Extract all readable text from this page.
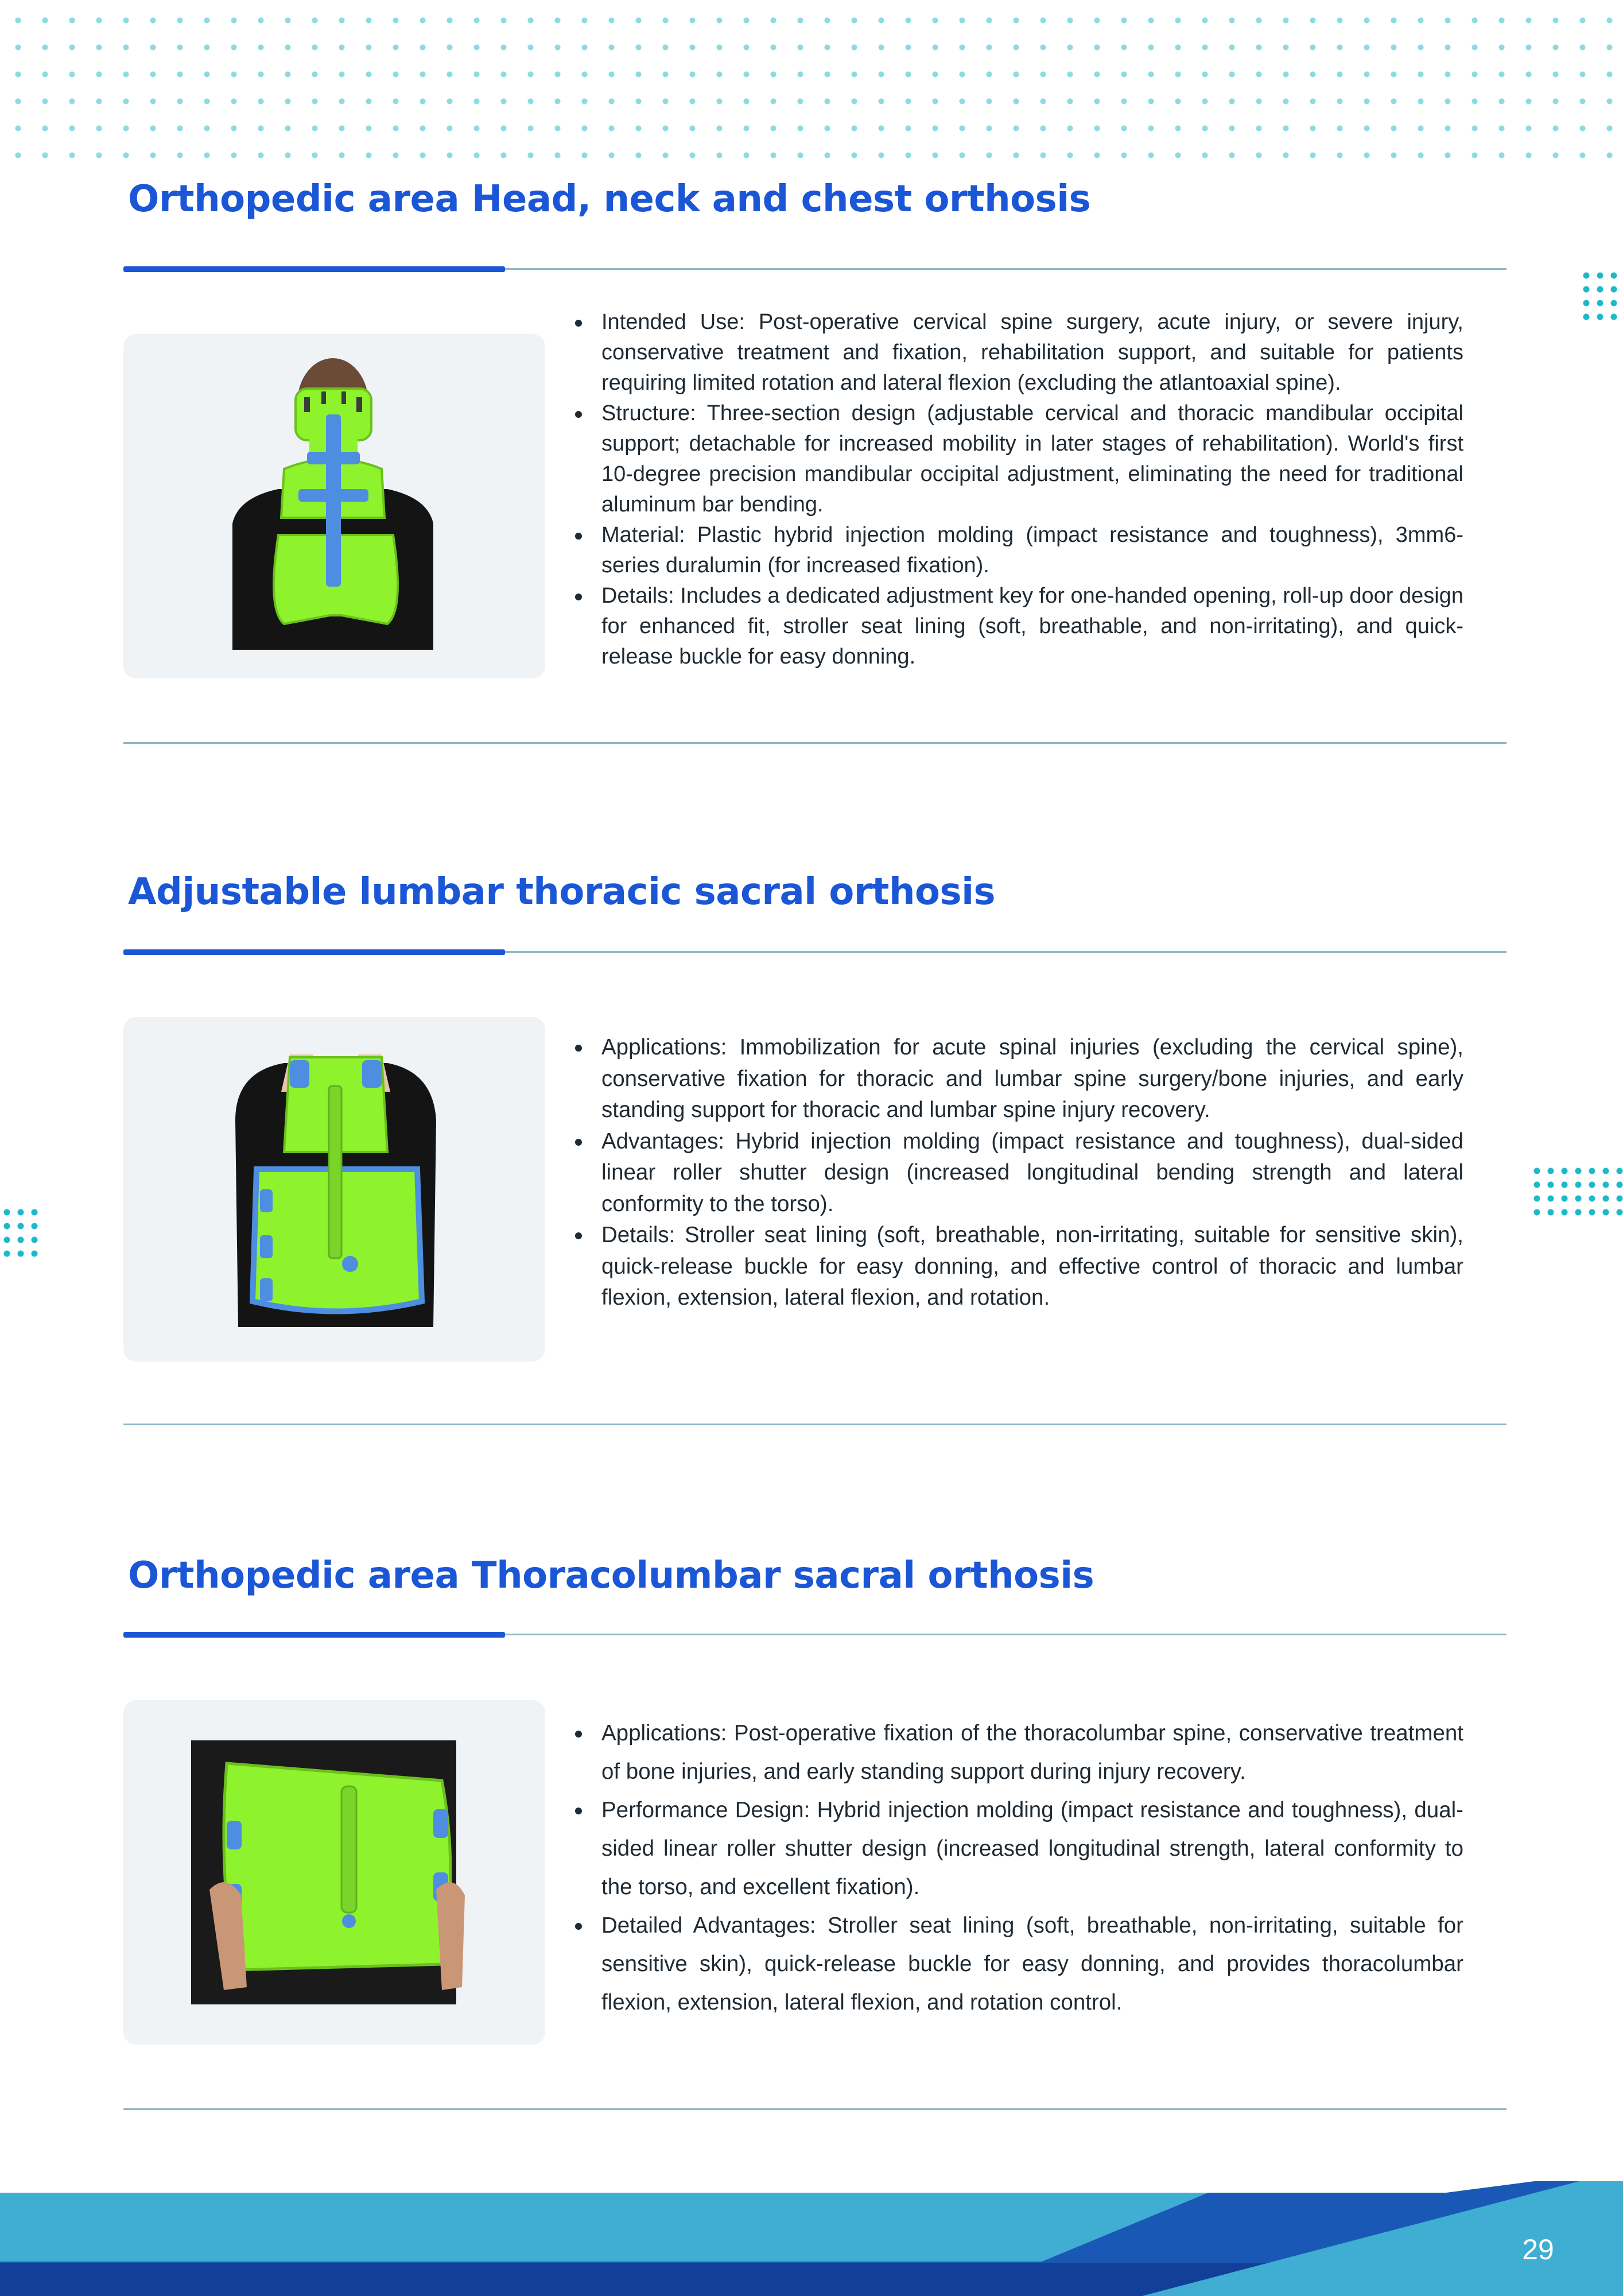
Orthopedic area Head, neck and chest orthosis
Intended Use: Post-operative cervical spine surgery, acute injury, or severe injury, conservative treatment and fixation, rehabilitation support, and suitable for patients requiring limited rotation and lateral flexion (excluding the atlantoaxial spine).
Structure: Three-section design (adjustable cervical and thoracic mandibular occipital support; detachable for increased mobility in later stages of rehabilitation). World's first 10-degree precision mandibular occipital adjustment, eliminating the need for traditional aluminum bar bending.
Material: Plastic hybrid injection molding (impact resistance and toughness), 3mm6-series duralumin (for increased fixation).
Details: Includes a dedicated adjustment key for one-handed opening, roll-up door design for enhanced fit, stroller seat lining (soft, breathable, and non-irritating), and quick-release buckle for easy donning.
Adjustable lumbar thoracic sacral orthosis
Applications: Immobilization for acute spinal injuries (excluding the cervical spine), conservative fixation for thoracic and lumbar spine surgery/bone injuries, and early standing support for thoracic and lumbar spine injury recovery.
Advantages: Hybrid injection molding (impact resistance and toughness), dual-sided linear roller shutter design (increased longitudinal bending strength and lateral conformity to the torso).
Details: Stroller seat lining (soft, breathable, non-irritating, suitable for sensitive skin), quick-release buckle for easy donning, and effective control of thoracic and lumbar flexion, extension, lateral flexion, and rotation.
Orthopedic area Thoracolumbar sacral orthosis
Applications: Post-operative fixation of the thoracolumbar spine, conservative treatment of bone injuries, and early standing support during injury recovery.
Performance Design: Hybrid injection molding (impact resistance and toughness), dual-sided linear roller shutter design (increased longitudinal strength, lateral conformity to the torso, and excellent fixation).
Detailed Advantages: Stroller seat lining (soft, breathable, non-irritating, suitable for sensitive skin), quick-release buckle for easy donning, and provides thoracolumbar flexion, extension, lateral flexion, and rotation control.
29
